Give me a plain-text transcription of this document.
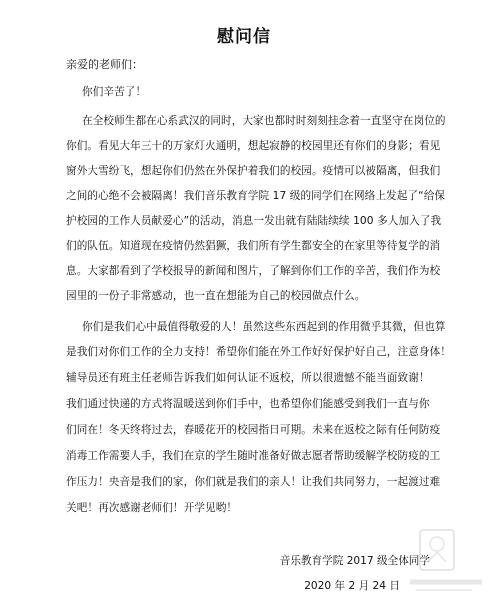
慰问信
亲爱的老师们：
你们辛苦了！
在全校师生都在心系武汉的同时，大家也都时时刻刻挂念着一直坚守在岗位的
你们。看见大年三十的万家灯火通明，想起寂静的校园里还有你们的身影；看见
窗外大雪纷飞，想起你们仍然在外保护着我们的校园。疫情可以被隔离，但我们
之间的心绝不会被隔离！我们音乐教育学院 17 级的同学们在网络上发起了“给保
护校园的工作人员献爱心”的活动，消息一发出就有陆陆续续 100 多人加入了我
们的队伍。知道现在疫情仍然猖獗，我们所有学生都安全的在家里等待复学的消
息。大家都看到了学校报导的新闻和图片，了解到你们工作的辛苦，我们作为校
园里的一份子非常感动，也一直在想能为自己的校园做点什么。
你们是我们心中最值得敬爱的人！虽然这些东西起到的作用微乎其微，但也算
是我们对你们工作的全力支持！希望你们能在外工作好好保护好自己，注意身体！
辅导员还有班主任老师告诉我们如何认证不返校，所以很遗憾不能当面致谢！
我们通过快递的方式将温暖送到你们手中，也希望你们能感受到我们一直与你
们同在！冬天终将过去，春暖花开的校园指日可期。未来在返校之际有任何防疫
消毒工作需要人手，我们在京的学生随时准备好做志愿者帮助缓解学校防疫的工
作压力！央音是我们的家，你们就是我们的亲人！让我们共同努力，一起渡过难
关吧！再次感谢老师们！开学见哟！
音乐教育学院 2017 级全体同学
2020 年 2 月 24 日
